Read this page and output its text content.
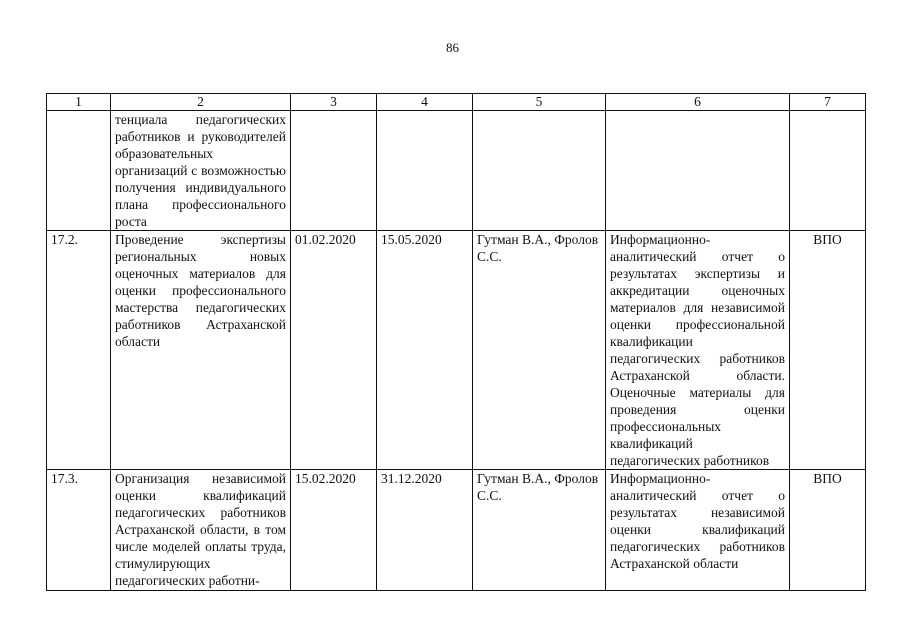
86
1	2	3	4	5	6	7
	тенциала педагогических работников и руководителей образовательных организаций с возможностью получения индивидуального плана профессионального роста					
17.2.	Проведение экспертизы региональных новых оценочных материалов для оценки профессионального мастерства педагогических работников Астраханской области	01.02.2020	15.05.2020	Гутман В.А., Фролов С.С.	Информационно-аналитический отчет о результатах экспертизы и аккредитации оценочных материалов для независимой оценки профессиональной квалификации педагогических работников Астраханской области. Оценочные материалы для проведения оценки профессиональных квалификаций педагогических работников	ВПО
17.3.	Организация независимой оценки квалификаций педагогических работников Астраханской области, в том числе моделей оплаты труда, стимулирующих педагогических работни-	15.02.2020	31.12.2020	Гутман В.А., Фролов С.С.	Информационно-аналитический отчет о результатах независимой оценки квалификаций педагогических работников Астраханской области	ВПО
